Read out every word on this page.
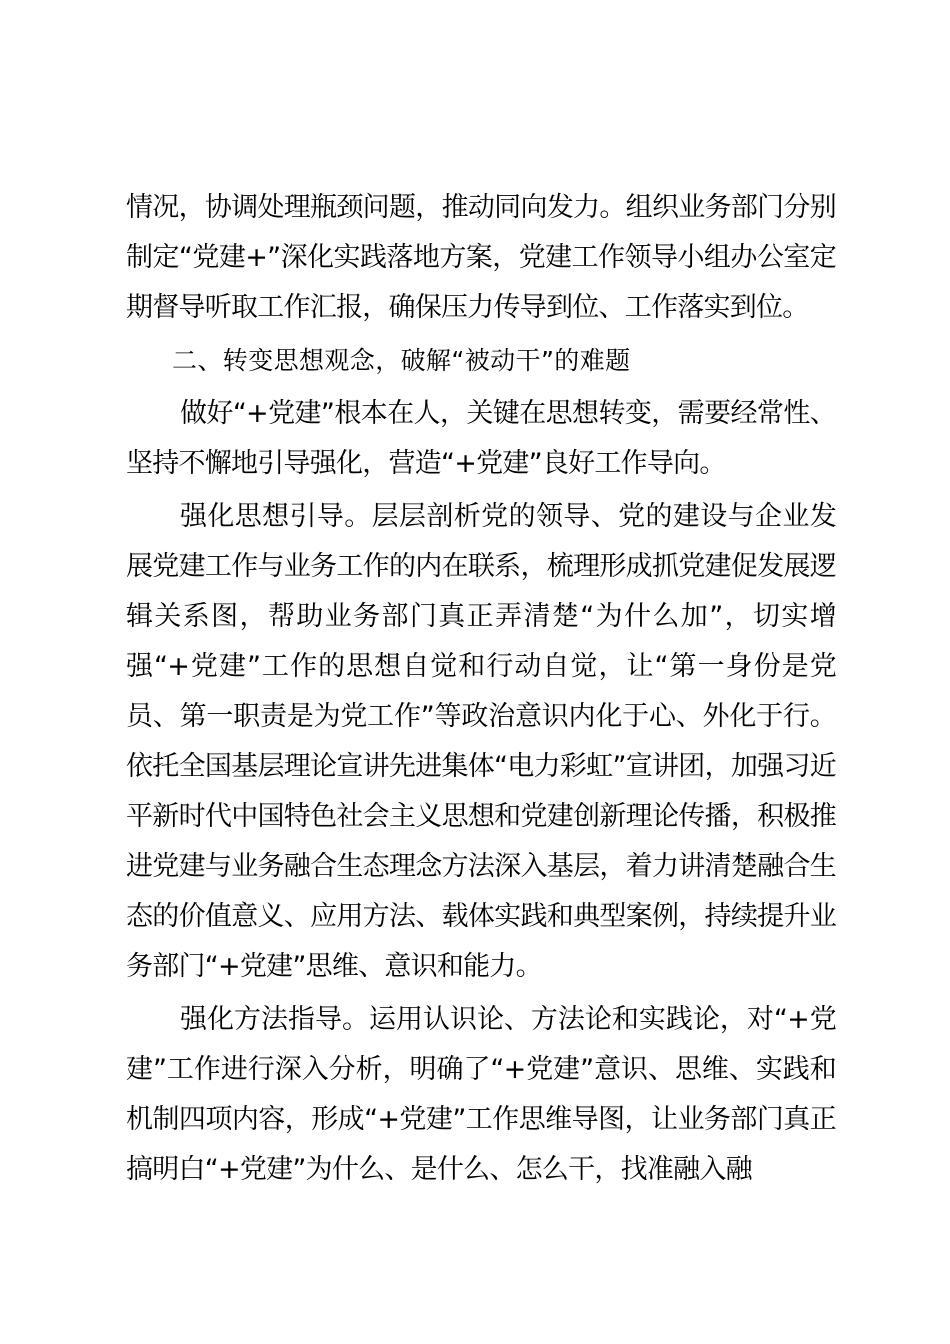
情况，协调处理瓶颈问题，推动同向发力。组织业务部门分别制定“党建+”深化实践落地方案，党建工作领导小组办公室定期督导听取工作汇报，确保压力传导到位、工作落实到位。

二、转变思想观念，破解“被动干”的难题

做好“+党建”根本在人，关键在思想转变，需要经常性、坚持不懈地引导强化，营造“+党建”良好工作导向。

强化思想引导。层层剖析党的领导、党的建设与企业发展党建工作与业务工作的内在联系，梳理形成抓党建促发展逻辑关系图，帮助业务部门真正弄清楚“为什么加”，切实增强“+党建”工作的思想自觉和行动自觉，让“第一身份是党员、第一职责是为党工作”等政治意识内化于心、外化于行。依托全国基层理论宣讲先进集体“电力彩虹”宣讲团，加强习近平新时代中国特色社会主义思想和党建创新理论传播，积极推进党建与业务融合生态理念方法深入基层，着力讲清楚融合生态的价值意义、应用方法、载体实践和典型案例，持续提升业务部门“+党建”思维、意识和能力。

强化方法指导。运用认识论、方法论和实践论，对“+党建”工作进行深入分析，明确了“+党建”意识、思维、实践和机制四项内容，形成“+党建”工作思维导图，让业务部门真正搞明白“+党建”为什么、是什么、怎么干，找准融入融
